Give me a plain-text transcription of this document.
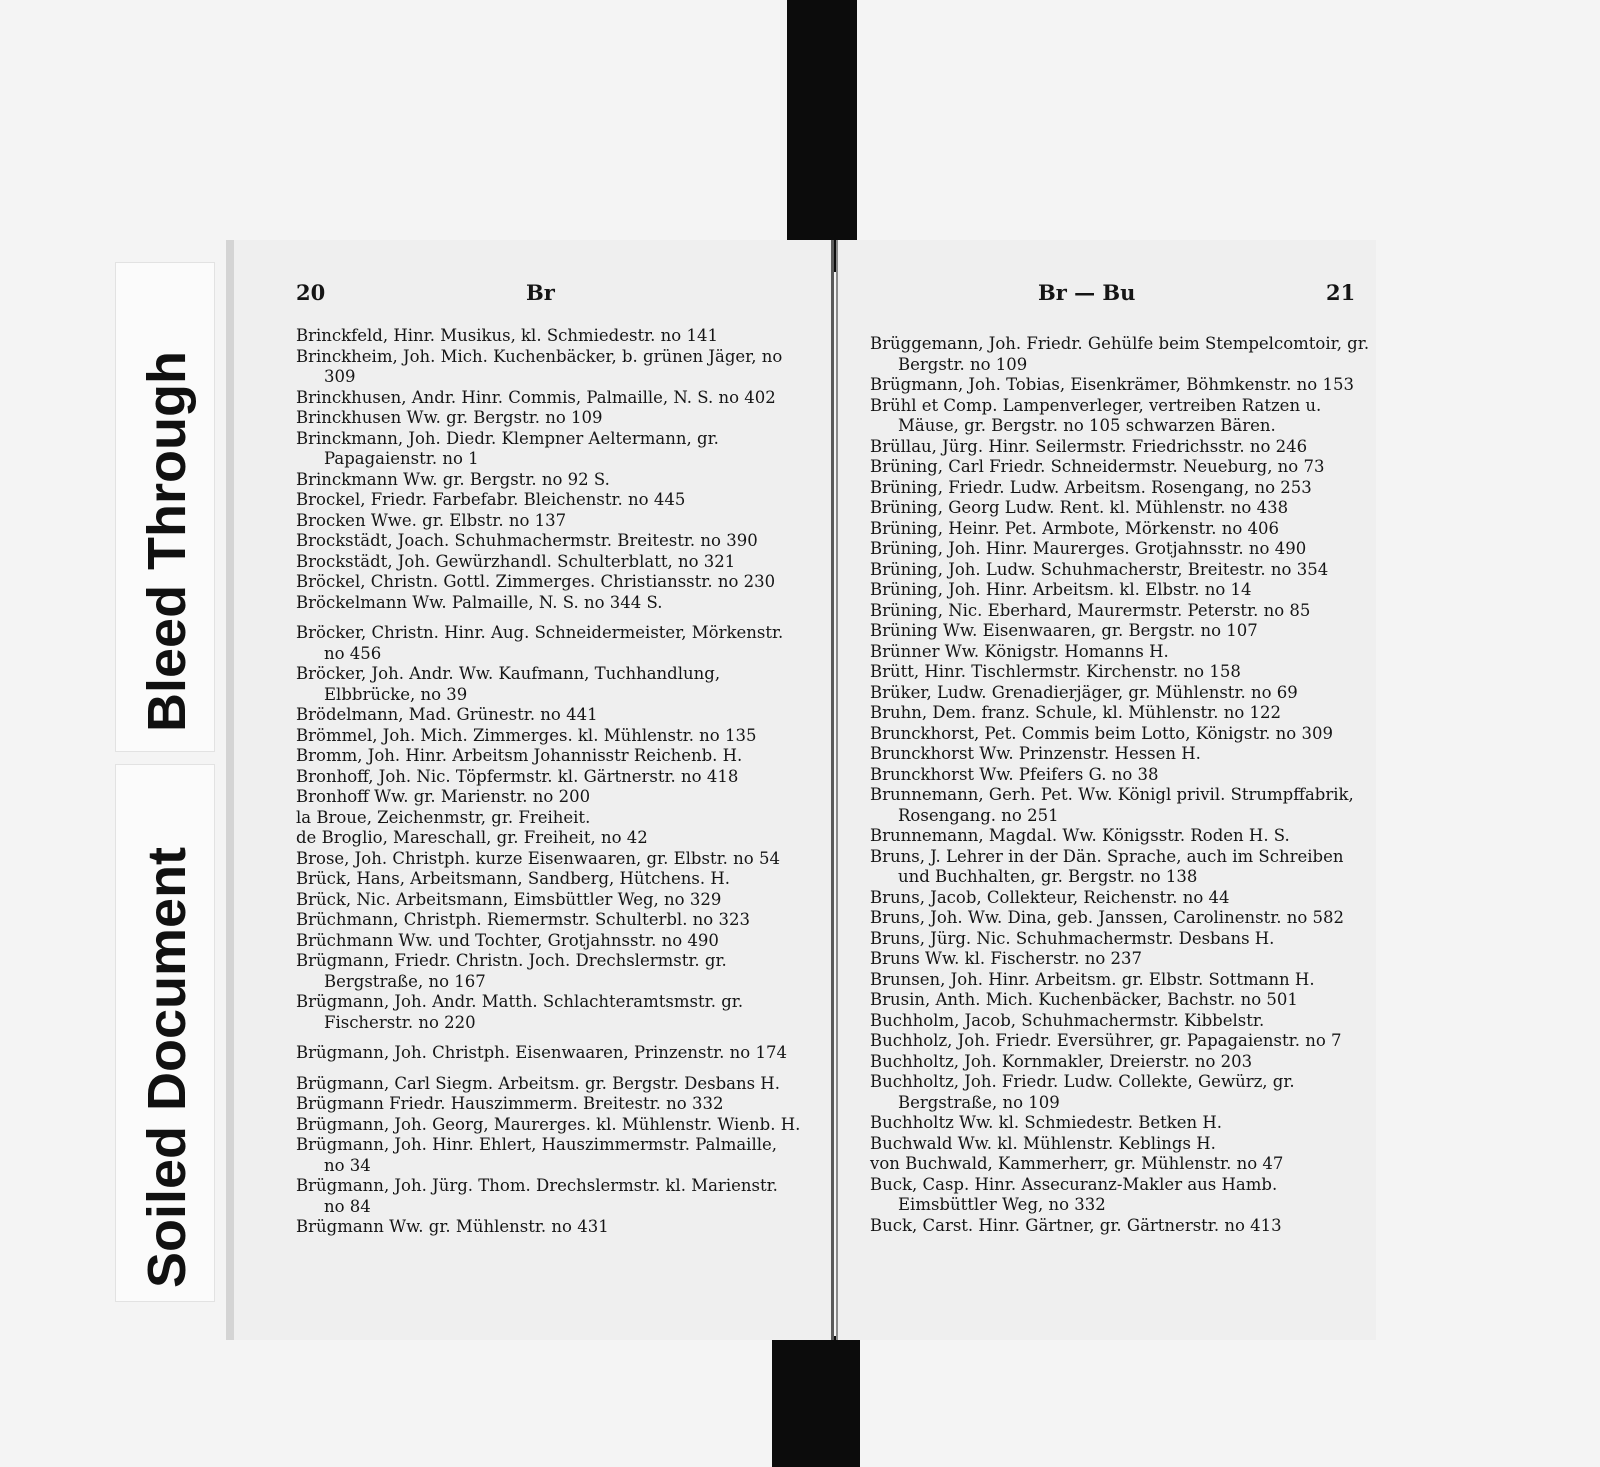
Bleed Through
Soiled Document
20	Br
Brinckfeld, Hinr. Musikus, kl. Schmiedestr. no 141
Brinckheim, Joh. Mich. Kuchenbäcker, b. grünen Jäger, no 309
Brinckhusen, Andr. Hinr. Commis, Palmaille, N. S. no 402
Brinckhusen Ww. gr. Bergstr. no 109
Brinckmann, Joh. Diedr. Klempner Aeltermann, gr. Papagaienstr. no 1
Brinckmann Ww. gr. Bergstr. no 92 S.
Brockel, Friedr. Farbefabr. Bleichenstr. no 445
Brocken Wwe. gr. Elbstr. no 137
Brockstädt, Joach. Schuhmachermstr. Breitestr. no 390
Brockstädt, Joh. Gewürzhandl. Schulterblatt, no 321
Bröckel, Christn. Gottl. Zimmerges. Christiansstr. no 230
Bröckelmann Ww. Palmaille, N. S. no 344 S.
Bröcker, Christn. Hinr. Aug. Schneidermeister, Mörkenstr. no 456
Bröcker, Joh. Andr. Ww. Kaufmann, Tuchhandlung, Elbbrücke, no 39
Brödelmann, Mad. Grünestr. no 441
Brömmel, Joh. Mich. Zimmerges. kl. Mühlenstr. no 135
Bromm, Joh. Hinr. Arbeitsm Johannisstr Reichenb. H.
Bronhoff, Joh. Nic. Töpfermstr. kl. Gärtnerstr. no 418
Bronhoff Ww. gr. Marienstr. no 200
la Broue, Zeichenmstr, gr. Freiheit.
de Broglio, Mareschall, gr. Freiheit, no 42
Brose, Joh. Christph. kurze Eisenwaaren, gr. Elbstr. no 54
Brück, Hans, Arbeitsmann, Sandberg, Hütchens. H.
Brück, Nic. Arbeitsmann, Eimsbüttler Weg, no 329
Brüchmann, Christph. Riemermstr. Schulterbl. no 323
Brüchmann Ww. und Tochter, Grotjahnsstr. no 490
Brügmann, Friedr. Christn. Joch. Drechslermstr. gr. Bergstraße, no 167
Brügmann, Joh. Andr. Matth. Schlachteramtsmstr. gr. Fischerstr. no 220
Brügmann, Joh. Christph. Eisenwaaren, Prinzenstr. no 174
Brügmann, Carl Siegm. Arbeitsm. gr. Bergstr. Desbans H.
Brügmann Friedr. Hauszimmerm. Breitestr. no 332
Brügmann, Joh. Georg, Maurerges. kl. Mühlenstr. Wienb. H.
Brügmann, Joh. Hinr. Ehlert, Hauszimmermstr. Palmaille, no 34
Brügmann, Joh. Jürg. Thom. Drechslermstr. kl. Marienstr. no 84
Brügmann Ww. gr. Mühlenstr. no 431
Br — Bu	21
Brüggemann, Joh. Friedr. Gehülfe beim Stempelcomtoir, gr. Bergstr. no 109
Brügmann, Joh. Tobias, Eisenkrämer, Böhmkenstr. no 153
Brühl et Comp. Lampenverleger, vertreiben Ratzen u. Mäuse, gr. Bergstr. no 105 schwarzen Bären.
Brüllau, Jürg. Hinr. Seilermstr. Friedrichsstr. no 246
Brüning, Carl Friedr. Schneidermstr. Neueburg, no 73
Brüning, Friedr. Ludw. Arbeitsm. Rosengang, no 253
Brüning, Georg Ludw. Rent. kl. Mühlenstr. no 438
Brüning, Heinr. Pet. Armbote, Mörkenstr. no 406
Brüning, Joh. Hinr. Maurerges. Grotjahnsstr. no 490
Brüning, Joh. Ludw. Schuhmacherstr, Breitestr. no 354
Brüning, Joh. Hinr. Arbeitsm. kl. Elbstr. no 14
Brüning, Nic. Eberhard, Maurermstr. Peterstr. no 85
Brüning Ww. Eisenwaaren, gr. Bergstr. no 107
Brünner Ww. Königstr. Homanns H.
Brütt, Hinr. Tischlermstr. Kirchenstr. no 158
Brüker, Ludw. Grenadierjäger, gr. Mühlenstr. no 69
Bruhn, Dem. franz. Schule, kl. Mühlenstr. no 122
Brunckhorst, Pet. Commis beim Lotto, Königstr. no 309
Brunckhorst Ww. Prinzenstr. Hessen H.
Brunckhorst Ww. Pfeifers G. no 38
Brunnemann, Gerh. Pet. Ww. Königl privil. Strumpffabrik, Rosengang. no 251
Brunnemann, Magdal. Ww. Königsstr. Roden H. S.
Bruns, J. Lehrer in der Dän. Sprache, auch im Schreiben und Buchhalten, gr. Bergstr. no 138
Bruns, Jacob, Collekteur, Reichenstr. no 44
Bruns, Joh. Ww. Dina, geb. Janssen, Carolinenstr. no 582
Bruns, Jürg. Nic. Schuhmachermstr. Desbans H.
Bruns Ww. kl. Fischerstr. no 237
Brunsen, Joh. Hinr. Arbeitsm. gr. Elbstr. Sottmann H.
Brusin, Anth. Mich. Kuchenbäcker, Bachstr. no 501
Buchholm, Jacob, Schuhmachermstr. Kibbelstr.
Buchholz, Joh. Friedr. Eversührer, gr. Papagaienstr. no 7
Buchholtz, Joh. Kornmakler, Dreierstr. no 203
Buchholtz, Joh. Friedr. Ludw. Collekte, Gewürz, gr. Bergstraße, no 109
Buchholtz Ww. kl. Schmiedestr. Betken H.
Buchwald Ww. kl. Mühlenstr. Keblings H.
von Buchwald, Kammerherr, gr. Mühlenstr. no 47
Buck, Casp. Hinr. Assecuranz-Makler aus Hamb. Eimsbüttler Weg, no 332
Buck, Carst. Hinr. Gärtner, gr. Gärtnerstr. no 413
